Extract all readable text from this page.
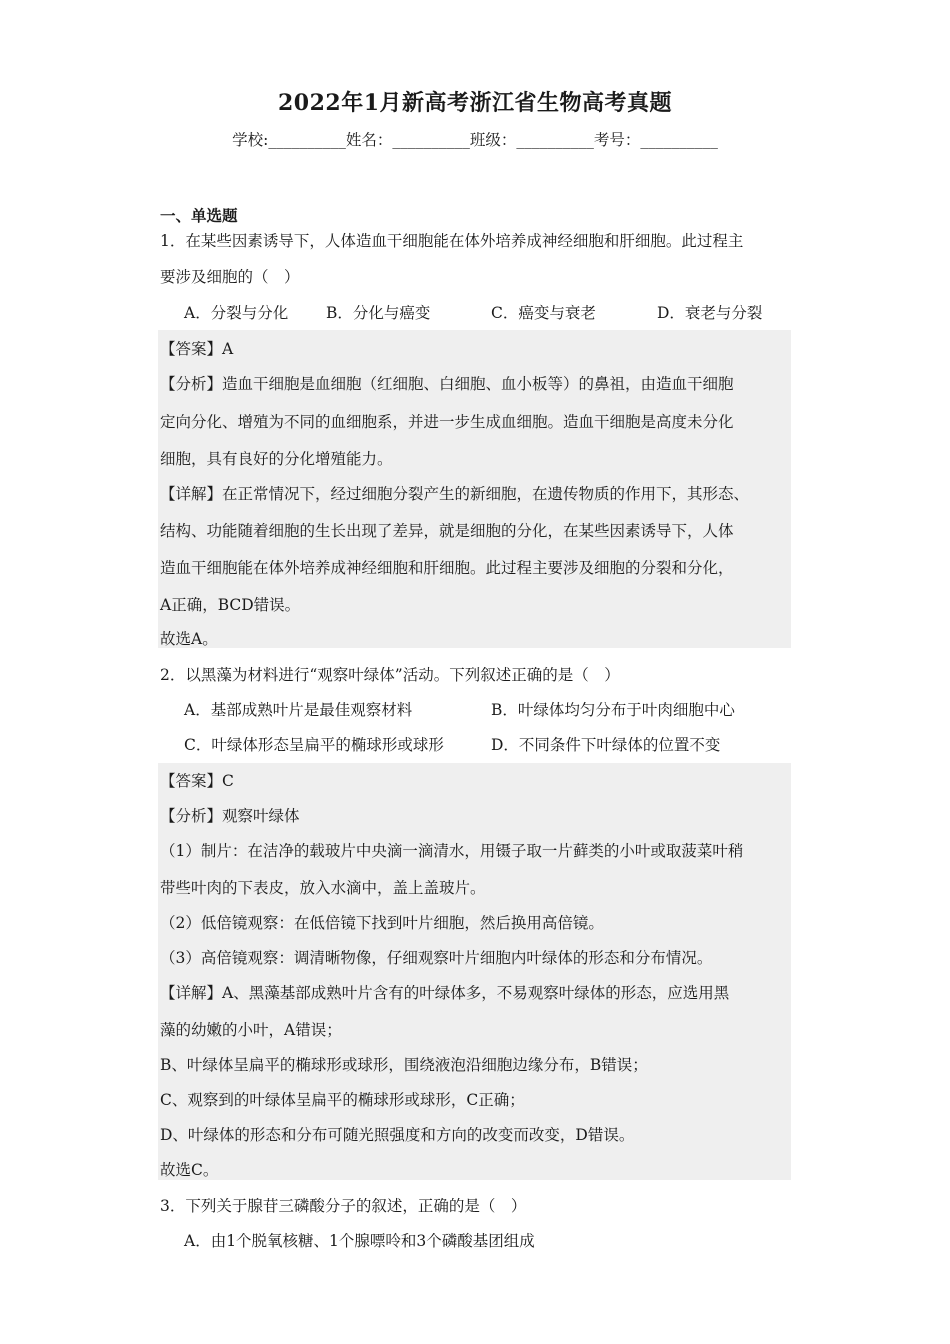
2022年1月新高考浙江省生物高考真题
学校:__________姓名：__________班级：__________考号：__________
一、单选题
1．在某些因素诱导下，人体造血干细胞能在体外培养成神经细胞和肝细胞。此过程主
要涉及细胞的（　）
A．分裂与分化 B．分化与癌变	C．癌变与衰老	D．衰老与分裂
【答案】A
【分析】造血干细胞是血细胞（红细胞、白细胞、血小板等）的鼻祖，由造血干细胞
定向分化、增殖为不同的血细胞系，并进一步生成血细胞。造血干细胞是高度未分化
细胞，具有良好的分化增殖能力。
【详解】在正常情况下，经过细胞分裂产生的新细胞，在遗传物质的作用下，其形态、
结构、功能随着细胞的生长出现了差异，就是细胞的分化，在某些因素诱导下，人体
造血干细胞能在体外培养成神经细胞和肝细胞。此过程主要涉及细胞的分裂和分化，
A正确，BCD错误。
故选A。
2．以黑藻为材料进行“观察叶绿体”活动。下列叙述正确的是（　）
A．基部成熟叶片是最佳观察材料	B．叶绿体均匀分布于叶肉细胞中心
C．叶绿体形态呈扁平的椭球形或球形	D．不同条件下叶绿体的位置不变
【答案】C
【分析】观察叶绿体
（1）制片：在洁净的载玻片中央滴一滴清水，用镊子取一片藓类的小叶或取菠菜叶稍
带些叶肉的下表皮，放入水滴中，盖上盖玻片。
（2）低倍镜观察：在低倍镜下找到叶片细胞，然后换用高倍镜。
（3）高倍镜观察：调清晰物像，仔细观察叶片细胞内叶绿体的形态和分布情况。
【详解】A、黑藻基部成熟叶片含有的叶绿体多，不易观察叶绿体的形态，应选用黑
藻的幼嫩的小叶，A错误；
B、叶绿体呈扁平的椭球形或球形，围绕液泡沿细胞边缘分布，B错误；
C、观察到的叶绿体呈扁平的椭球形或球形，C正确；
D、叶绿体的形态和分布可随光照强度和方向的改变而改变，D错误。
故选C。
3．下列关于腺苷三磷酸分子的叙述，正确的是（　）
A．由1个脱氧核糖、1个腺嘌呤和3个磷酸基团组成
